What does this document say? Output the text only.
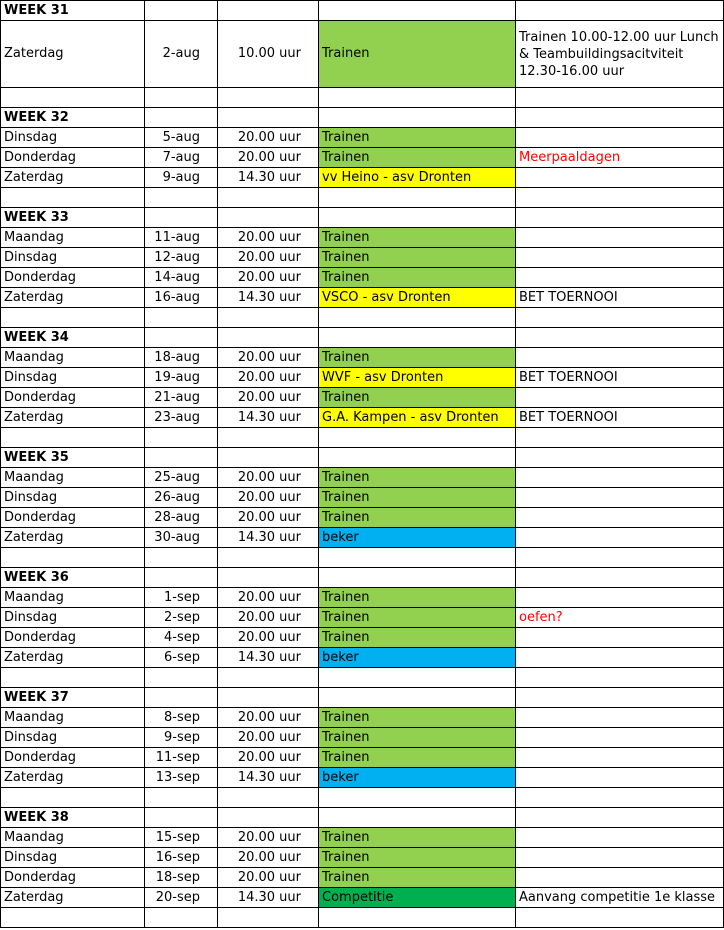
WEEK 31				
Zaterdag	2-aug	10.00 uur	Trainen	Trainen 10.00-12.00 uur Lunch & Teambuildingsacitviteit 12.30-16.00 uur

WEEK 32				
Dinsdag	5-aug	20.00 uur	Trainen	
Donderdag	7-aug	20.00 uur	Trainen	Meerpaaldagen
Zaterdag	9-aug	14.30 uur	vv Heino - asv Dronten	

WEEK 33				
Maandag	11-aug	20.00 uur	Trainen	
Dinsdag	12-aug	20.00 uur	Trainen	
Donderdag	14-aug	20.00 uur	Trainen	
Zaterdag	16-aug	14.30 uur	VSCO - asv Dronten	BET TOERNOOI

WEEK 34				
Maandag	18-aug	20.00 uur	Trainen	
Dinsdag	19-aug	20.00 uur	WVF - asv Dronten	BET TOERNOOI
Donderdag	21-aug	20.00 uur	Trainen	
Zaterdag	23-aug	14.30 uur	G.A. Kampen - asv Dronten	BET TOERNOOI

WEEK 35				
Maandag	25-aug	20.00 uur	Trainen	
Dinsdag	26-aug	20.00 uur	Trainen	
Donderdag	28-aug	20.00 uur	Trainen	
Zaterdag	30-aug	14.30 uur	beker	

WEEK 36				
Maandag	1-sep	20.00 uur	Trainen	
Dinsdag	2-sep	20.00 uur	Trainen	oefen?
Donderdag	4-sep	20.00 uur	Trainen	
Zaterdag	6-sep	14.30 uur	beker	

WEEK 37				
Maandag	8-sep	20.00 uur	Trainen	
Dinsdag	9-sep	20.00 uur	Trainen	
Donderdag	11-sep	20.00 uur	Trainen	
Zaterdag	13-sep	14.30 uur	beker	

WEEK 38				
Maandag	15-sep	20.00 uur	Trainen	
Dinsdag	16-sep	20.00 uur	Trainen	
Donderdag	18-sep	20.00 uur	Trainen	
Zaterdag	20-sep	14.30 uur	Competitie	Aanvang competitie 1e klasse
